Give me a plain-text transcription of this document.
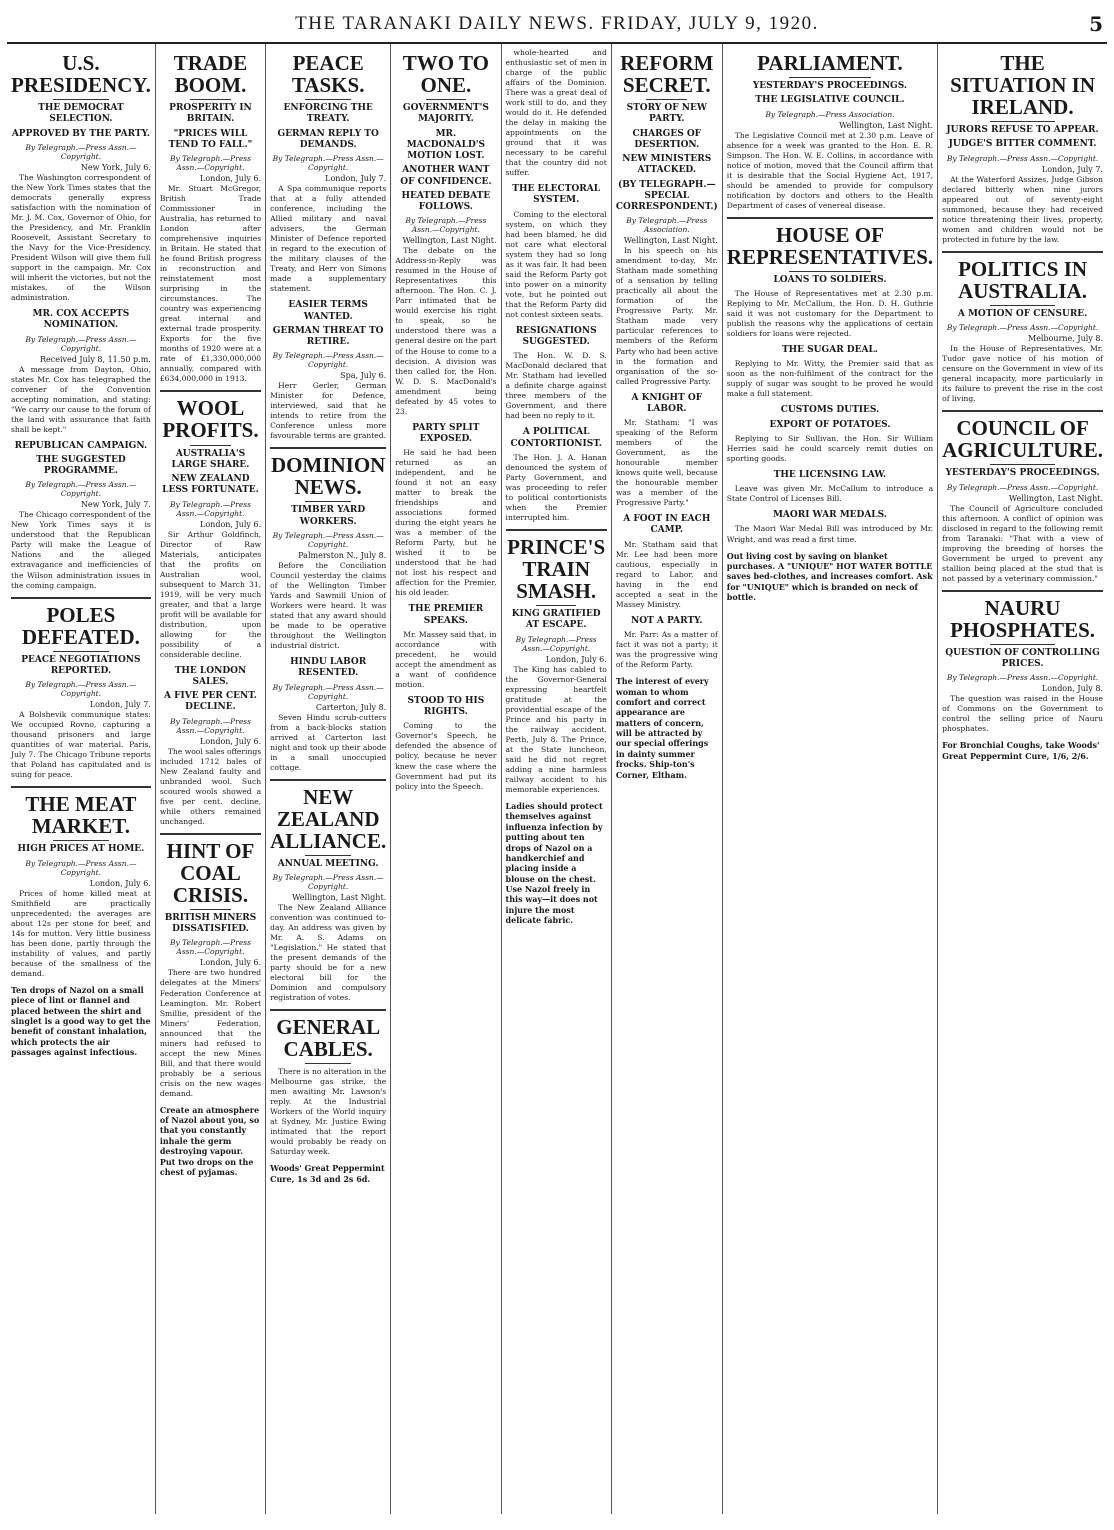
THE TARANAKI DAILY NEWS. FRIDAY, JULY 9, 1920.	5
U.S. PRESIDENCY.
THE DEMOCRAT SELECTION.
APPROVED BY THE PARTY.
By Telegraph.—Press Assn.—Copyright.
New York, July 6.

The Washington correspondent of the New York Times states that the democrats generally express satisfaction with the nomination of Mr. J. M. Cox, Governor of Ohio, for the Presidency, and Mr. Franklin Roosevelt, Assistant Secretary to the Navy for the Vice-Presidency. President Wilson will give them full support in the campaign. Mr. Cox will inherit the victories, but not the mistakes, of the Wilson administration.

MR. COX ACCEPTS NOMINATION.
By Telegraph.—Press Assn.—Copyright.
Received July 8, 11.50 p.m.

A message from Dayton, Ohio, states Mr. Cox has telegraphed the convener of the Convention accepting nomination, and stating: "We carry our cause to the forum of the land with assurance that faith shall be kept."

REPUBLICAN CAMPAIGN.
THE SUGGESTED PROGRAMME.
By Telegraph.—Press Assn.—Copyright.
New York, July 7.

The Chicago correspondent of the New York Times says it is understood that the Republican Party will make the League of Nations and the alleged extravagance and inefficiencies of the Wilson administration issues in the coming campaign.

POLES DEFEATED.
PEACE NEGOTIATIONS REPORTED.
By Telegraph.—Press Assn.—Copyright.
London, July 7.

A Bolshevik communique states: We occupied Rovno, capturing a thousand prisoners and large quantities of war material. Paris, July 7. The Chicago Tribune reports that Poland has capitulated and is suing for peace.

THE MEAT MARKET.
HIGH PRICES AT HOME.
By Telegraph.—Press Assn.—Copyright.
London, July 6.

Prices of home killed meat at Smithfield are practically unprecedented; the averages are about 12s per stone for beef, and 14s for mutton. Very little business has been done, partly through the instability of values, and partly because of the smallness of the demand.

Ten drops of Nazol on a small piece of lint or flannel and placed between the shirt and singlet is a good way to get the benefit of constant inhalation, which protects the air passages against infectious.
TRADE BOOM.
PROSPERITY IN BRITAIN.
"PRICES WILL TEND TO FALL."
By Telegraph.—Press Assn.—Copyright.
London, July 6.

Mr. Stuart McGregor, British Trade Commissioner in Australia, has returned to London after comprehensive inquiries in Britain. He stated that he found British progress in reconstruction and reinstatement most surprising in the circumstances. The country was experiencing great internal and external trade prosperity. Exports for the five months of 1920 were at a rate of £1,330,000,000 annually, compared with £634,000,000 in 1913.

WOOL PROFITS.
AUSTRALIA'S LARGE SHARE.
NEW ZEALAND LESS FORTUNATE.
By Telegraph.—Press Assn.—Copyright.
London, July 6.

Sir Arthur Goldfinch, Director of Raw Materials, anticipates that the profits on Australian wool, subsequent to March 31, 1919, will be very much greater, and that a large profit will be available for distribution, upon allowing for the possibility of a considerable decline.

THE LONDON SALES.
A FIVE PER CENT. DECLINE.
By Telegraph.—Press Assn.—Copyright.
London, July 6.

The wool sales offerings included 1712 bales of New Zealand faulty and unbranded wool. Such scoured wools showed a five per cent. decline, while others remained unchanged.

HINT OF COAL CRISIS.
BRITISH MINERS DISSATISFIED.
By Telegraph.—Press Assn.—Copyright.
London, July 6.

There are two hundred delegates at the Miners' Federation Conference at Leamington. Mr. Robert Smillie, president of the Miners' Federation, announced that the miners had refused to accept the new Mines Bill, and that there would probably be a serious crisis on the new wages demand.

Create an atmosphere of Nazol about you, so that you constantly inhale the germ destroying vapour. Put two drops on the chest of pyjamas.
PEACE TASKS.
ENFORCING THE TREATY.
GERMAN REPLY TO DEMANDS.
By Telegraph.—Press Assn.—Copyright.
London, July 7.

A Spa communique reports that at a fully attended conference, including the Allied military and naval advisers, the German Minister of Defence reported in regard to the execution of the military clauses of the Treaty, and Herr von Simons made a supplementary statement.

EASIER TERMS WANTED.
GERMAN THREAT TO RETIRE.
By Telegraph.—Press Assn.—Copyright.
Spa, July 6.

Herr Gerler, German Minister for Defence, interviewed, said that he intends to retire from the Conference unless more favourable terms are granted.

DOMINION NEWS.
TIMBER YARD WORKERS.
By Telegraph.—Press Assn.—Copyright.
Palmerston N., July 8.

Before the Conciliation Council yesterday the claims of the Wellington Timber Yards and Sawmill Union of Workers were heard. It was stated that any award should be made to be operative throughout the Wellington industrial district.

HINDU LABOR RESENTED.
By Telegraph.—Press Assn.—Copyright.
Carterton, July 8.

Seven Hindu scrub-cutters from a back-blocks station arrived at Carterton last night and took up their abode in a small unoccupied cottage.

NEW ZEALAND ALLIANCE.
ANNUAL MEETING.
By Telegraph.—Press Assn.—Copyright.
Wellington, Last Night.

The New Zealand Alliance convention was continued to-day. An address was given by Mr. A. S. Adams on "Legislation." He stated that the present demands of the party should be for a new electoral bill for the Dominion and compulsory registration of votes.

GENERAL CABLES.

There is no alteration in the Melbourne gas strike, the men awaiting Mr. Lawson's reply. At the Industrial Workers of the World inquiry at Sydney, Mr. Justice Ewing intimated that the report would probably be ready on Saturday week.

Woods' Great Peppermint Cure, 1s 3d and 2s 6d.
TWO TO ONE.
GOVERNMENT'S MAJORITY.
MR. MACDONALD'S MOTION LOST.
ANOTHER WANT OF CONFIDENCE.
HEATED DEBATE FOLLOWS.
By Telegraph.—Press Assn.—Copyright.
Wellington, Last Night.

The debate on the Address-in-Reply was resumed in the House of Representatives this afternoon. The Hon. C. J. Parr intimated that he would exercise his right to speak, so he understood there was a general desire on the part of the House to come to a decision. A division was then called for, the Hon. W. D. S. MacDonald's amendment being defeated by 45 votes to 23.

PARTY SPLIT EXPOSED.

He said he had been returned as an independent, and he found it not an easy matter to break the friendships and associations formed during the eight years he was a member of the Reform Party, but he wished it to be understood that he had not lost his respect and affection for the Premier, his old leader.

THE PREMIER SPEAKS.

Mr. Massey said that, in accordance with precedent, he would accept the amendment as a want of confidence motion.

STOOD TO HIS RIGHTS.

Coming to the Governor's Speech, he defended the absence of policy, because he never knew the case where the Government had put its policy into the Speech.

whole-hearted and enthusiastic set of men in charge of the public affairs of the Dominion. There was a great deal of work still to do, and they would do it. He defended the delay in making the appointments on the ground that it was necessary to be careful that the country did not suffer.

THE ELECTORAL SYSTEM.

Coming to the electoral system, on which they had been blamed, he did not care what electoral system they had so long as it was fair. It had been said the Reform Party got into power on a minority vote, but he pointed out that the Reform Party did not contest sixteen seats.

RESIGNATIONS SUGGESTED.

The Hon. W. D. S. MacDonald declared that Mr. Statham had levelled a definite charge against three members of the Government, and there had been no reply to it.

A POLITICAL CONTORTIONIST.

The Hon. J. A. Hanan denounced the system of Party Government, and was proceeding to refer to political contortionists when the Premier interrupted him.

PRINCE'S TRAIN SMASH.
KING GRATIFIED AT ESCAPE.
By Telegraph.—Press Assn.—Copyright.
London, July 6.

The King has cabled to the Governor-General expressing heartfelt gratitude at the providential escape of the Prince and his party in the railway accident. Perth, July 8. The Prince, at the State luncheon, said he did not regret adding a nine harmless railway accident to his memorable experiences.

Ladies should protect themselves against influenza infection by putting about ten drops of Nazol on a handkerchief and placing inside a blouse on the chest. Use Nazol freely in this way—it does not injure the most delicate fabric.
REFORM SECRET.
STORY OF NEW PARTY.
CHARGES OF DESERTION.
NEW MINISTERS ATTACKED.
(BY TELEGRAPH.—SPECIAL CORRESPONDENT.)
By Telegraph.—Press Association.
Wellington, Last Night.

In his speech on his amendment to-day, Mr. Statham made something of a sensation by telling practically all about the formation of the Progressive Party. Mr. Statham made very particular references to members of the Reform Party who had been active in the formation and organisation of the so-called Progressive Party.

A KNIGHT OF LABOR.

Mr. Statham: "I was speaking of the Reform members of the Government, as the honourable member knows quite well, because the honourable member was a member of the Progressive Party."

A FOOT IN EACH CAMP.

Mr. Statham said that Mr. Lee had been more cautious, especially in regard to Labor, and having in the end accepted a seat in the Massey Ministry.

NOT A PARTY.

Mr. Parr: As a matter of fact it was not a party; it was the progressive wing of the Reform Party.

The interest of every woman to whom comfort and correct appearance are matters of concern, will be attracted by our special offerings in dainty summer frocks. Ship-ton's Corner, Eltham.
PARLIAMENT.
YESTERDAY'S PROCEEDINGS.
THE LEGISLATIVE COUNCIL.
By Telegraph.—Press Association.
Wellington, Last Night.

The Legislative Council met at 2.30 p.m. Leave of absence for a week was granted to the Hon. E. R. Simpson. The Hon. W. E. Collins, in accordance with notice of motion, moved that the Council affirm that it is desirable that the Social Hygiene Act, 1917, should be amended to provide for compulsory notification by doctors and others to the Health Department of cases of venereal disease.

HOUSE OF REPRESENTATIVES.
LOANS TO SOLDIERS.

The House of Representatives met at 2.30 p.m. Replying to Mr. McCallum, the Hon. D. H. Guthrie said it was not customary for the Department to publish the reasons why the applications of certain soldiers for loans were rejected.

THE SUGAR DEAL.

Replying to Mr. Witty, the Premier said that as soon as the non-fulfilment of the contract for the supply of sugar was sought to be proved he would make a full statement.

CUSTOMS DUTIES.
EXPORT OF POTATOES.

Replying to Sir Sullivan, the Hon. Sir William Herries said he could scarcely remit duties on sporting goods.

THE LICENSING LAW.

Leave was given Mr. McCallum to introduce a State Control of Licenses Bill.

MAORI WAR MEDALS.

The Maori War Medal Bill was introduced by Mr. Wright, and was read a first time.

Out living cost by saving on blanket purchases. A "UNIQUE" HOT WATER BOTTLE saves bed-clothes, and increases comfort. Ask for "UNIQUE" which is branded on neck of bottle.
THE SITUATION IN IRELAND.
JURORS REFUSE TO APPEAR.
JUDGE'S BITTER COMMENT.
By Telegraph.—Press Assn.—Copyright.
London, July 7.

At the Waterford Assizes, Judge Gibson declared bitterly when nine jurors appeared out of seventy-eight summoned, because they had received notice threatening their lives, property, women and children would not be protected in future by the law.

POLITICS IN AUSTRALIA.
A MOTION OF CENSURE.
By Telegraph.—Press Assn.—Copyright.
Melbourne, July 8.

In the House of Representatives, Mr. Tudor gave notice of his motion of censure on the Government in view of its general incapacity, more particularly in its failure to prevent the rise in the cost of living.

COUNCIL OF AGRICULTURE.
YESTERDAY'S PROCEEDINGS.
By Telegraph.—Press Assn.—Copyright.
Wellington, Last Night.

The Council of Agriculture concluded this afternoon. A conflict of opinion was disclosed in regard to the following remit from Taranaki: "That with a view of improving the breeding of horses the Government be urged to prevent any stallion being placed at the stud that is not passed by a veterinary commission."

NAURU PHOSPHATES.
QUESTION OF CONTROLLING PRICES.
By Telegraph.—Press Assn.—Copyright.
London, July 8.

The question was raised in the House of Commons on the Government to control the selling price of Nauru phosphates.

For Bronchial Coughs, take Woods' Great Peppermint Cure, 1/6, 2/6.
